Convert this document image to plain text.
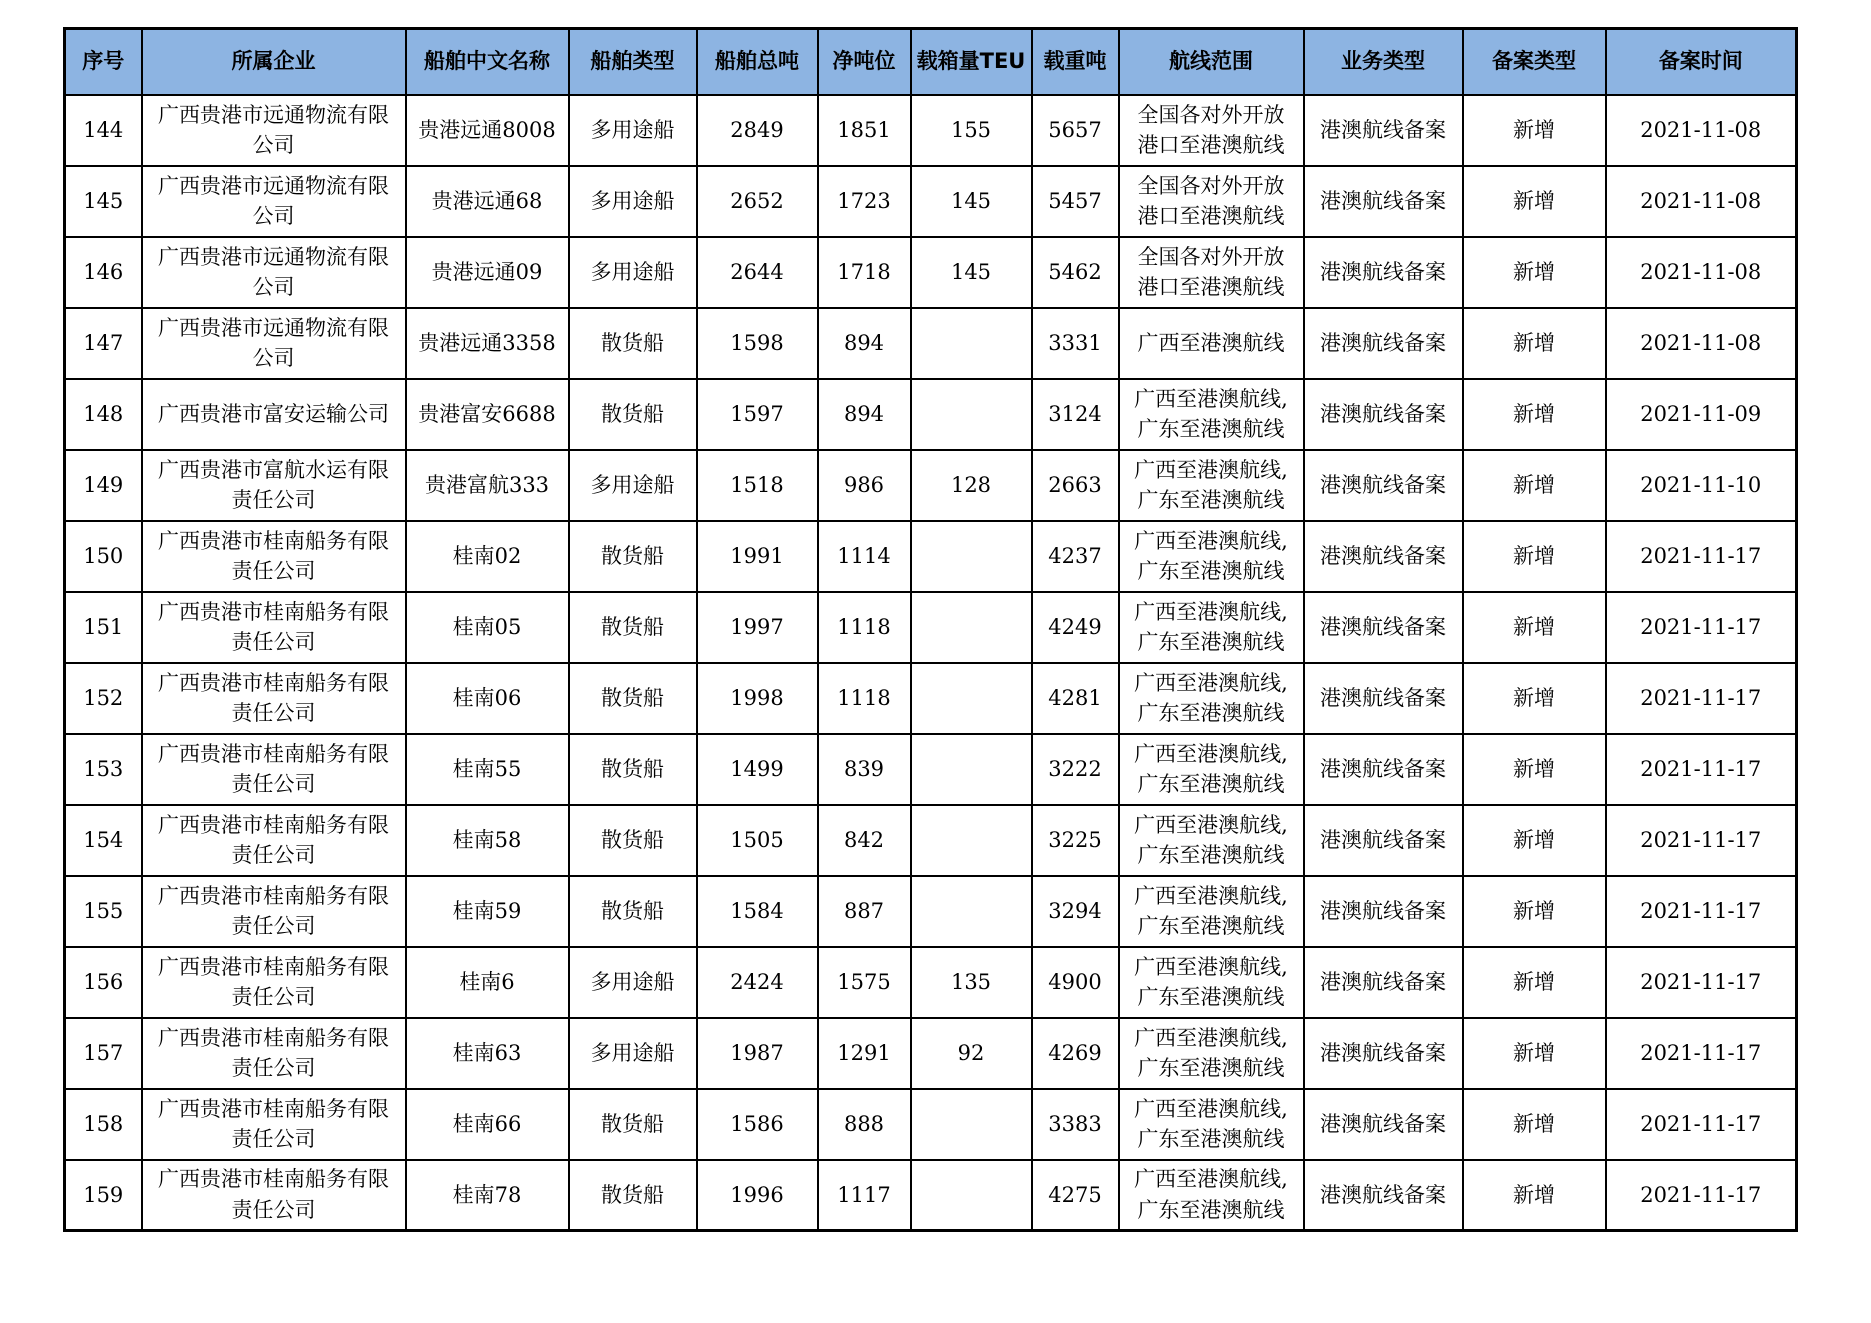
序号	所属企业	船舶中文名称	船舶类型	船舶总吨	净吨位	载箱量TEU	载重吨	航线范围	业务类型	备案类型	备案时间
144	广西贵港市远通物流有限公司	贵港远通8008	多用途船	2849	1851	155	5657	全国各对外开放港口至港澳航线	港澳航线备案	新增	2021-11-08
145	广西贵港市远通物流有限公司	贵港远通68	多用途船	2652	1723	145	5457	全国各对外开放港口至港澳航线	港澳航线备案	新增	2021-11-08
146	广西贵港市远通物流有限公司	贵港远通09	多用途船	2644	1718	145	5462	全国各对外开放港口至港澳航线	港澳航线备案	新增	2021-11-08
147	广西贵港市远通物流有限公司	贵港远通3358	散货船	1598	894		3331	广西至港澳航线	港澳航线备案	新增	2021-11-08
148	广西贵港市富安运输公司	贵港富安6688	散货船	1597	894		3124	广西至港澳航线,广东至港澳航线	港澳航线备案	新增	2021-11-09
149	广西贵港市富航水运有限责任公司	贵港富航333	多用途船	1518	986	128	2663	广西至港澳航线,广东至港澳航线	港澳航线备案	新增	2021-11-10
150	广西贵港市桂南船务有限责任公司	桂南02	散货船	1991	1114		4237	广西至港澳航线,广东至港澳航线	港澳航线备案	新增	2021-11-17
151	广西贵港市桂南船务有限责任公司	桂南05	散货船	1997	1118		4249	广西至港澳航线,广东至港澳航线	港澳航线备案	新增	2021-11-17
152	广西贵港市桂南船务有限责任公司	桂南06	散货船	1998	1118		4281	广西至港澳航线,广东至港澳航线	港澳航线备案	新增	2021-11-17
153	广西贵港市桂南船务有限责任公司	桂南55	散货船	1499	839		3222	广西至港澳航线,广东至港澳航线	港澳航线备案	新增	2021-11-17
154	广西贵港市桂南船务有限责任公司	桂南58	散货船	1505	842		3225	广西至港澳航线,广东至港澳航线	港澳航线备案	新增	2021-11-17
155	广西贵港市桂南船务有限责任公司	桂南59	散货船	1584	887		3294	广西至港澳航线,广东至港澳航线	港澳航线备案	新增	2021-11-17
156	广西贵港市桂南船务有限责任公司	桂南6	多用途船	2424	1575	135	4900	广西至港澳航线,广东至港澳航线	港澳航线备案	新增	2021-11-17
157	广西贵港市桂南船务有限责任公司	桂南63	多用途船	1987	1291	92	4269	广西至港澳航线,广东至港澳航线	港澳航线备案	新增	2021-11-17
158	广西贵港市桂南船务有限责任公司	桂南66	散货船	1586	888		3383	广西至港澳航线,广东至港澳航线	港澳航线备案	新增	2021-11-17
159	广西贵港市桂南船务有限责任公司	桂南78	散货船	1996	1117		4275	广西至港澳航线,广东至港澳航线	港澳航线备案	新增	2021-11-17
